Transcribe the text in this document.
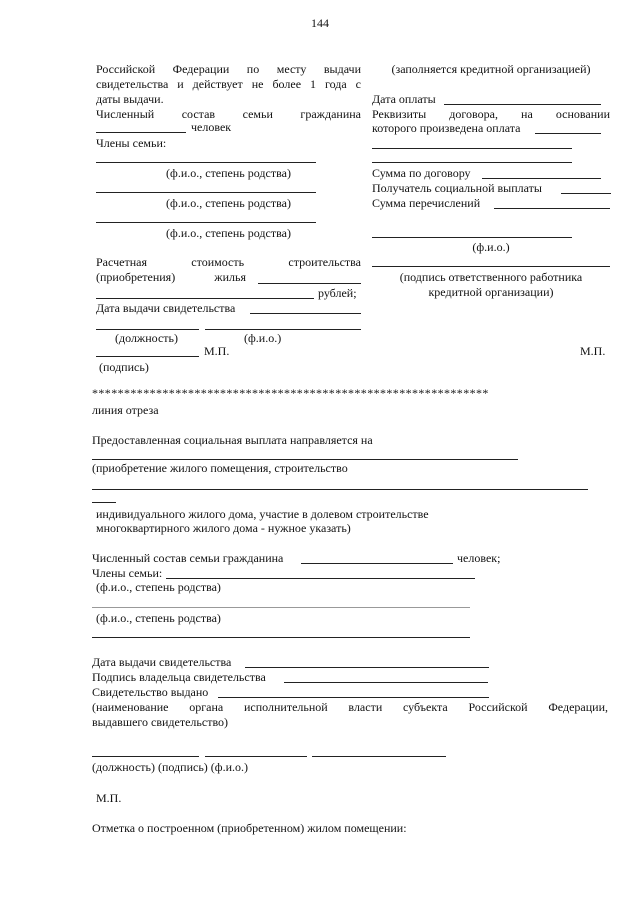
144
Российской Федерации по месту выдачи
свидетельства и действует не более 1 года с
даты выдачи.
Численный состав семьи гражданина
человек
Члены семьи:
(ф.и.о., степень родства)
(ф.и.о., степень родства)
(ф.и.о., степень родства)
Расчетная стоимость строительства
(приобретения) жилья
рублей;
Дата выдачи свидетельства
(должность)	(ф.и.о.)
М.П.
(подпись)
(заполняется кредитной организацией)
Дата оплаты
Реквизиты договора, на основании
которого произведена оплата
Сумма по договору
Получатель социальной выплаты
Сумма перечислений
(ф.и.о.)
(подпись ответственного работника
кредитной организации)
М.П.
**************************************************************
линия отреза
Предоставленная социальная выплата направляется на
(приобретение жилого помещения, строительство
индивидуального жилого дома, участие в долевом строительстве
многоквартирного жилого дома - нужное указать)
Численный состав семьи гражданина	человек;
Члены семьи:
(ф.и.о., степень родства)
(ф.и.о., степень родства)
Дата выдачи свидетельства
Подпись владельца свидетельства
Свидетельство выдано
(наименование органа исполнительной власти субъекта Российской Федерации,
выдавшего свидетельство)
(должность) (подпись) (ф.и.о.)
М.П.
Отметка о построенном (приобретенном) жилом помещении:
